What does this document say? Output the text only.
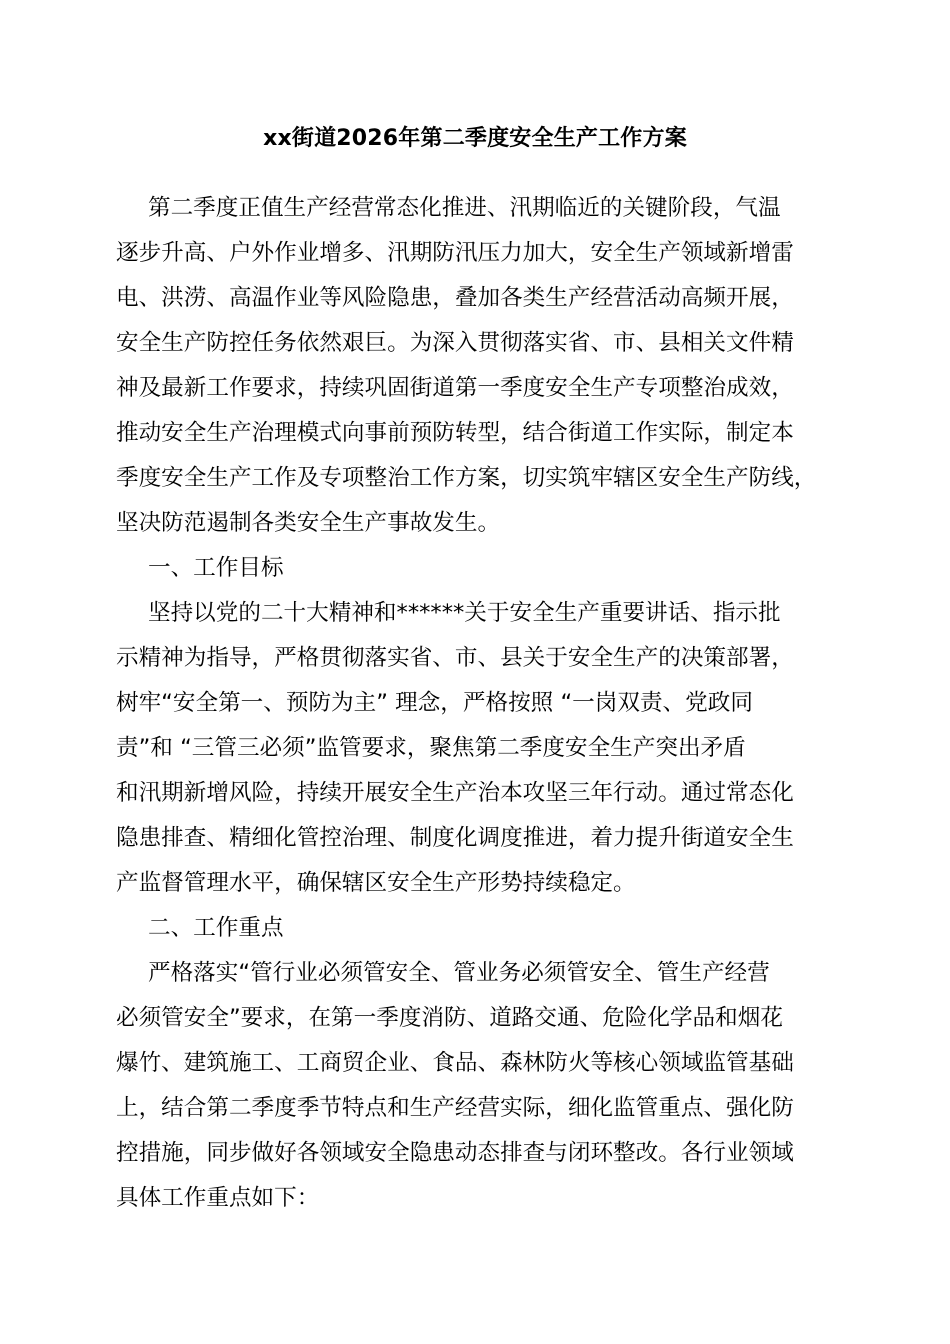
xx街道2026年第二季度安全生产工作方案

第二季度正值生产经营常态化推进、汛期临近的关键阶段，气温

逐步升高、户外作业增多、汛期防汛压力加大，安全生产领域新增雷

电、洪涝、高温作业等风险隐患，叠加各类生产经营活动高频开展，

安全生产防控任务依然艰巨。为深入贯彻落实省、市、县相关文件精

神及最新工作要求，持续巩固街道第一季度安全生产专项整治成效，

推动安全生产治理模式向事前预防转型，结合街道工作实际，制定本

季度安全生产工作及专项整治工作方案，切实筑牢辖区安全生产防线，

坚决防范遏制各类安全生产事故发生。

一、工作目标

坚持以党的二十大精神和******关于安全生产重要讲话、指示批

示精神为指导，严格贯彻落实省、市、县关于安全生产的决策部署，

树牢“安全第一、预防为主” 理念，严格按照 “一岗双责、党政同

责”和 “三管三必须”监管要求，聚焦第二季度安全生产突出矛盾

和汛期新增风险，持续开展安全生产治本攻坚三年行动。通过常态化

隐患排查、精细化管控治理、制度化调度推进，着力提升街道安全生

产监督管理水平，确保辖区安全生产形势持续稳定。

二、工作重点

严格落实“管行业必须管安全、管业务必须管安全、管生产经营

必须管安全”要求，在第一季度消防、道路交通、危险化学品和烟花

爆竹、建筑施工、工商贸企业、食品、森林防火等核心领域监管基础

上，结合第二季度季节特点和生产经营实际，细化监管重点、强化防

控措施，同步做好各领域安全隐患动态排查与闭环整改。各行业领域

具体工作重点如下：
